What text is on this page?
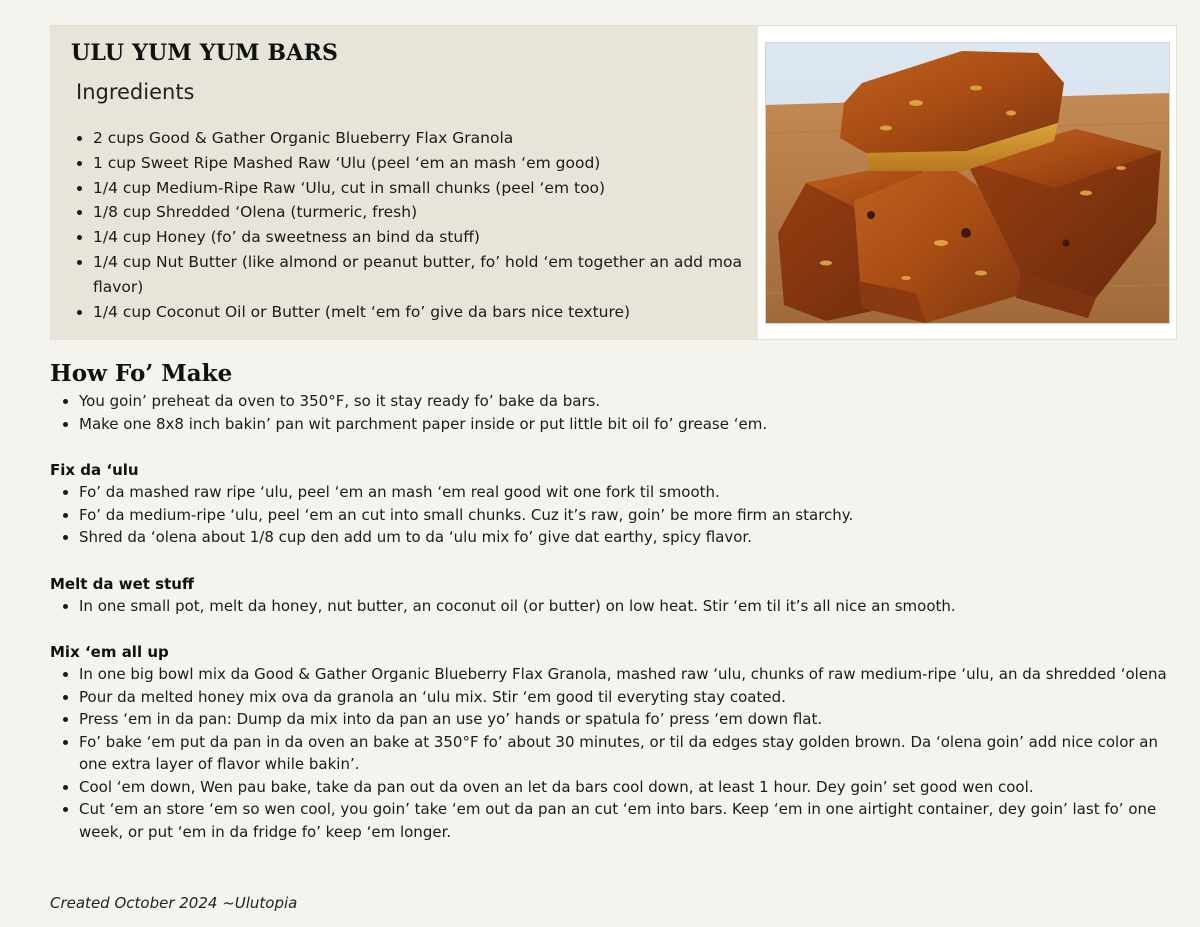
ULU YUM YUM BARS
Ingredients
• 2 cups Good & Gather Organic Blueberry Flax Granola
• 1 cup Sweet Ripe Mashed Raw ‘Ulu (peel ‘em an mash ‘em good)
• 1/4 cup Medium-Ripe Raw ‘Ulu, cut in small chunks (peel ‘em too)
• 1/8 cup Shredded ‘Olena (turmeric, fresh)
• 1/4 cup Honey (fo’ da sweetness an bind da stuff)
• 1/4 cup Nut Butter (like almond or peanut butter, fo’ hold ‘em together an add moa flavor)
• 1/4 cup Coconut Oil or Butter (melt ‘em fo’ give da bars nice texture)
How Fo’ Make
• You goin’ preheat da oven to 350°F, so it stay ready fo’ bake da bars.
• Make one 8x8 inch bakin’ pan wit parchment paper inside or put little bit oil fo’ grease ‘em.
Fix da ‘ulu
• Fo’ da mashed raw ripe ‘ulu, peel ‘em an mash ‘em real good wit one fork til smooth.
• Fo’ da medium-ripe ‘ulu, peel ‘em an cut into small chunks. Cuz it’s raw, goin’ be more firm an starchy.
• Shred da ‘olena about 1/8 cup den add um to da ‘ulu mix fo’ give dat earthy, spicy flavor.
Melt da wet stuff
• In one small pot, melt da honey, nut butter, an coconut oil (or butter) on low heat. Stir ‘em til it’s all nice an smooth.
Mix ‘em all up
• In one big bowl mix da Good & Gather Organic Blueberry Flax Granola, mashed raw ‘ulu, chunks of raw medium-ripe ‘ulu, an da shredded ‘olena
• Pour da melted honey mix ova da granola an ‘ulu mix. Stir ‘em good til everyting stay coated.
• Press ‘em in da pan: Dump da mix into da pan an use yo’ hands or spatula fo’ press ‘em down flat.
• Fo’ bake ‘em put da pan in da oven an bake at 350°F fo’ about 30 minutes, or til da edges stay golden brown. Da ‘olena goin’ add nice color an one extra layer of flavor while bakin’.
• Cool ‘em down, Wen pau bake, take da pan out da oven an let da bars cool down, at least 1 hour. Dey goin’ set good wen cool.
• Cut ‘em an store ‘em so wen cool, you goin’ take ‘em out da pan an cut ‘em into bars. Keep ‘em in one airtight container, dey goin’ last fo’ one week, or put ‘em in da fridge fo’ keep ‘em longer.

Created October 2024 ~Ulutopia
